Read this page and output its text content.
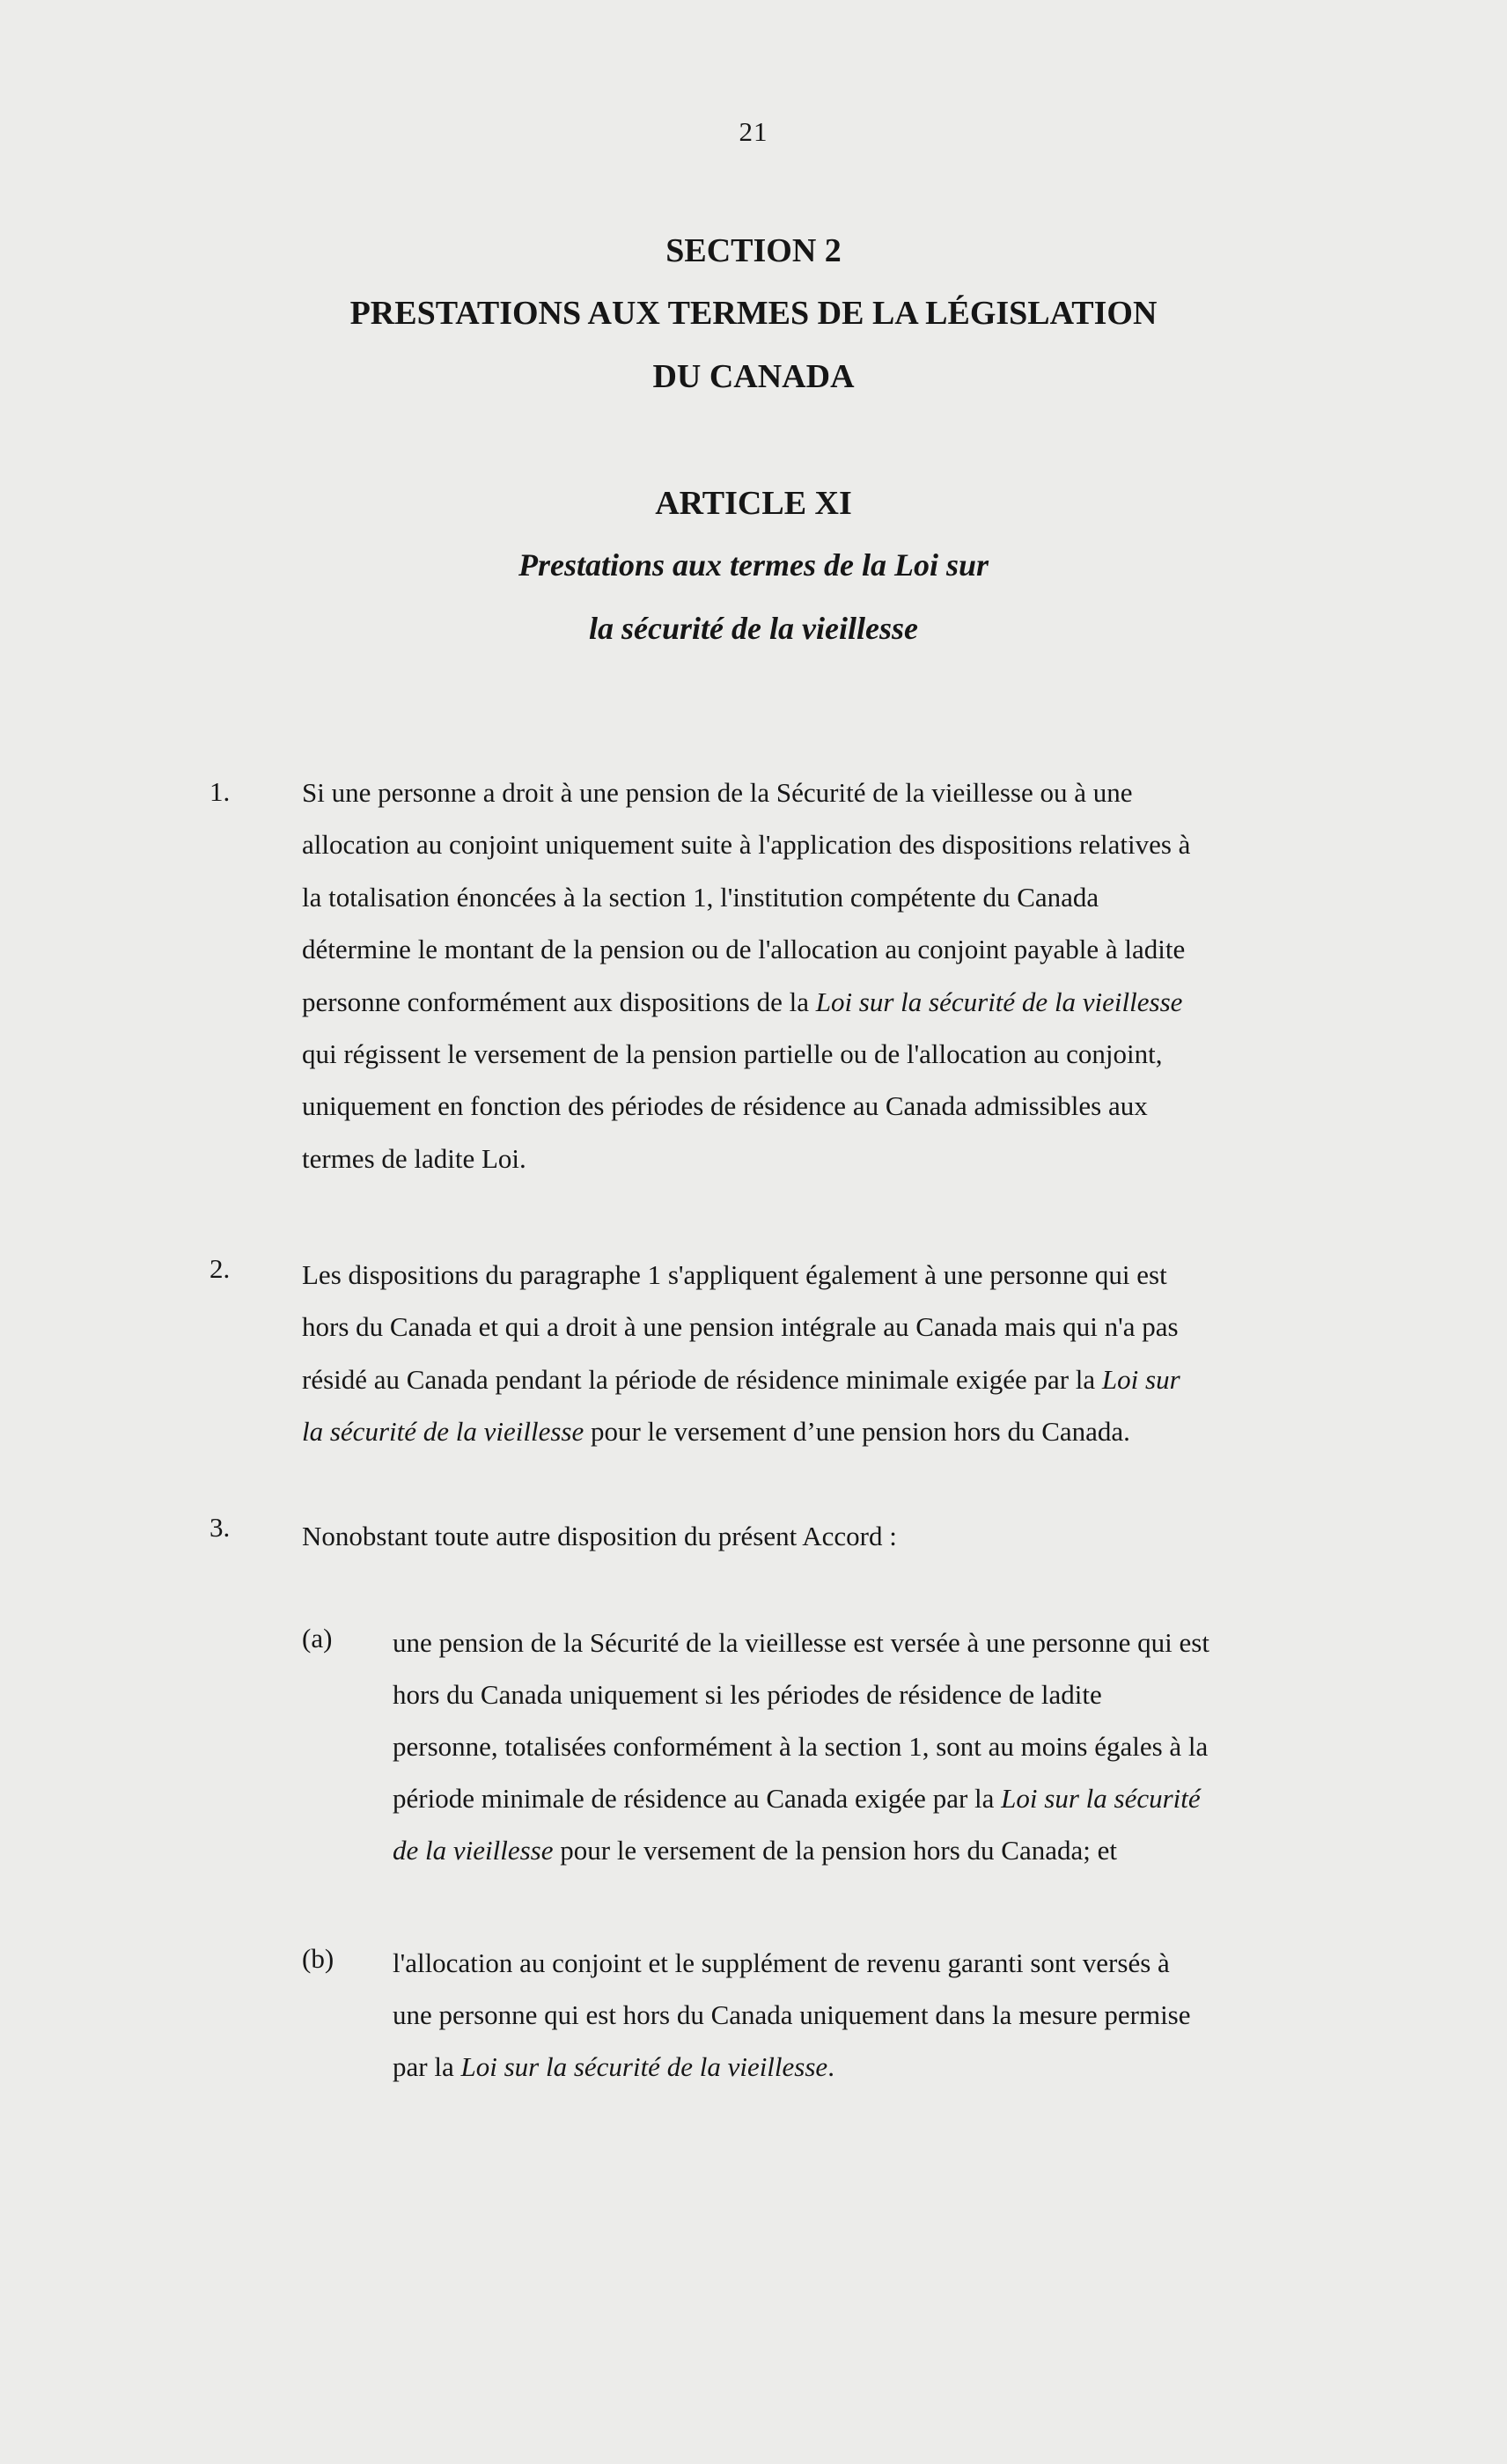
21
SECTION 2
PRESTATIONS AUX TERMES DE LA LÉGISLATION
DU CANADA
ARTICLE XI
Prestations aux termes de la Loi sur
la sécurité de la vieillesse
1.	Si une personne a droit à une pension de la Sécurité de la vieillesse ou à une
allocation au conjoint uniquement suite à l'application des dispositions relatives à
la totalisation énoncées à la section 1, l'institution compétente du Canada
détermine le montant de la pension ou de l'allocation au conjoint payable à ladite
personne conformément aux dispositions de la Loi sur la sécurité de la vieillesse
qui régissent le versement de la pension partielle ou de l'allocation au conjoint,
uniquement en fonction des périodes de résidence au Canada admissibles aux
termes de ladite Loi.
2.	Les dispositions du paragraphe 1 s'appliquent également à une personne qui est
hors du Canada et qui a droit à une pension intégrale au Canada mais qui n'a pas
résidé au Canada pendant la période de résidence minimale exigée par la Loi sur
la sécurité de la vieillesse pour le versement d’une pension hors du Canada.
3.	Nonobstant toute autre disposition du présent Accord :
(a) une pension de la Sécurité de la vieillesse est versée à une personne qui est
hors du Canada uniquement si les périodes de résidence de ladite
personne, totalisées conformément à la section 1, sont au moins égales à la
période minimale de résidence au Canada exigée par la Loi sur la sécurité
de la vieillesse pour le versement de la pension hors du Canada; et
(b) l'allocation au conjoint et le supplément de revenu garanti sont versés à
une personne qui est hors du Canada uniquement dans la mesure permise
par la Loi sur la sécurité de la vieillesse.
